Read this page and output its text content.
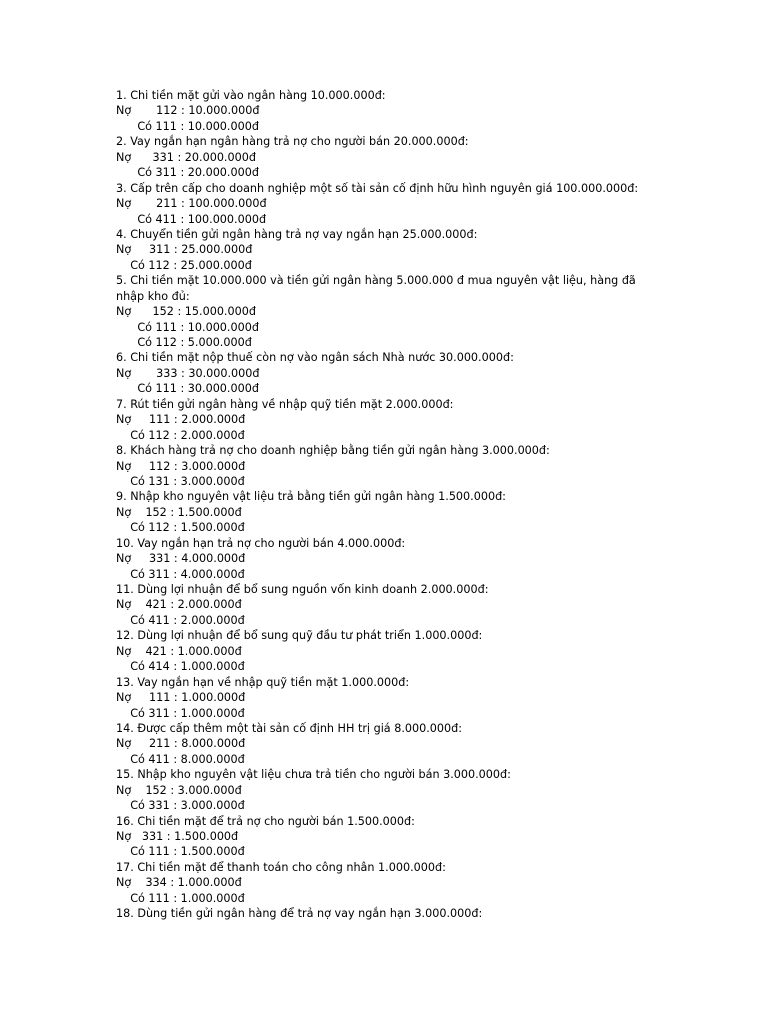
1. Chi tiền mặt gửi vào ngân hàng 10.000.000đ:
Nợ       112 : 10.000.000đ
Có 111 : 10.000.000đ
2. Vay ngắn hạn ngân hàng trả nợ cho người bán 20.000.000đ:
Nợ      331 : 20.000.000đ
Có 311 : 20.000.000đ
3. Cấp trên cấp cho doanh nghiệp một số tài sản cố định hữu hình nguyên giá 100.000.000đ:
Nợ       211 : 100.000.000đ
Có 411 : 100.000.000đ
4. Chuyển tiền gửi ngân hàng trả nợ vay ngắn hạn 25.000.000đ:
Nợ     311 : 25.000.000đ
Có 112 : 25.000.000đ
5. Chi tiền mặt 10.000.000 và tiền gửi ngân hàng 5.000.000 đ mua nguyên vật liệu, hàng đã nhập kho đủ:
Nợ      152 : 15.000.000đ
Có 111 : 10.000.000đ
Có 112 : 5.000.000đ
6. Chi tiền mặt nộp thuế còn nợ vào ngân sách Nhà nước 30.000.000đ:
Nợ       333 : 30.000.000đ
Có 111 : 30.000.000đ
7. Rút tiền gửi ngân hàng về nhập quỹ tiền mặt 2.000.000đ:
Nợ     111 : 2.000.000đ
Có 112 : 2.000.000đ
8. Khách hàng trả nợ cho doanh nghiệp bằng tiền gửi ngân hàng 3.000.000đ:
Nợ     112 : 3.000.000đ
Có 131 : 3.000.000đ
9. Nhập kho nguyên vật liệu trả bằng tiền gửi ngân hàng 1.500.000đ:
Nợ    152 : 1.500.000đ
Có 112 : 1.500.000đ
10. Vay ngắn hạn trả nợ cho người bán 4.000.000đ:
Nợ     331 : 4.000.000đ
Có 311 : 4.000.000đ
11. Dùng lợi nhuận để bổ sung nguồn vốn kinh doanh 2.000.000đ:
Nợ    421 : 2.000.000đ
Có 411 : 2.000.000đ
12. Dùng lợi nhuận để bổ sung quỹ đầu tư phát triển 1.000.000đ:
Nợ    421 : 1.000.000đ
Có 414 : 1.000.000đ
13. Vay ngắn hạn về nhập quỹ tiền mặt 1.000.000đ:
Nợ     111 : 1.000.000đ
Có 311 : 1.000.000đ
14. Được cấp thêm một tài sản cố định HH trị giá 8.000.000đ:
Nợ     211 : 8.000.000đ
Có 411 : 8.000.000đ
15. Nhập kho nguyên vật liệu chưa trả tiền cho người bán 3.000.000đ:
Nợ    152 : 3.000.000đ
Có 331 : 3.000.000đ
16. Chi tiền mặt để trả nợ cho người bán 1.500.000đ:
Nợ   331 : 1.500.000đ
Có 111 : 1.500.000đ
17. Chi tiền mặt để thanh toán cho công nhân 1.000.000đ:
Nợ    334 : 1.000.000đ
Có 111 : 1.000.000đ
18. Dùng tiền gửi ngân hàng để trả nợ vay ngắn hạn 3.000.000đ:
